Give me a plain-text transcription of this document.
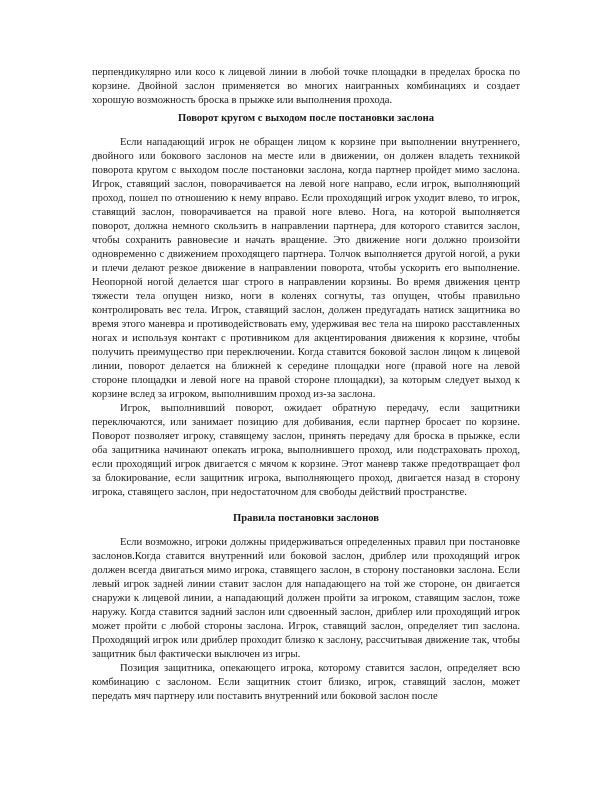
перпендикулярно или косо к лицевой линии в любой точке площадки в пределах броска по корзине. Двойной заслон применяется во многих наигранных комбинациях и создает хорошую возможность броска в прыжке или выполнения прохода.

Поворот кругом с выходом после постановки заслона

Если нападающий игрок не обращен лицом к корзине при выполнении внутреннего, двойного или бокового заслонов на месте или в движении, он должен владеть техникой поворота кругом с выходом после постановки заслона, когда партнер пройдет мимо заслона. Игрок, ставящий заслон, поворачивается на левой ноге направо, если игрок, выполняющий проход, пошел по отношению к нему вправо. Если проходящий игрок уходит влево, то игрок, ставящий заслон, поворачивается на правой ноге влево. Нога, на которой выполняется поворот, должна немного скользить в направлении партнера, для которого ставится заслон, чтобы сохранить равновесие и начать вращение. Это движение ноги должно произойти одновременно с движением проходящего партнера. Толчок выполняется другой ногой, а руки и плечи делают резкое движение в направлении поворота, чтобы ускорить его выполнение. Неопорной ногой делается шаг строго в направлении корзины. Во время движения центр тяжести тела опущен низко, ноги в коленях согнуты, таз опущен, чтобы правильно контролировать вес тела. Игрок, ставящий заслон, должен предугадать натиск защитника во время этого маневра и противодействовать ему, удерживая вес тела на широко расставленных ногах и используя контакт с противником для акцентирования движения к корзине, чтобы получить преимущество при переключении. Когда ставится боковой заслон лицом к лицевой линии, поворот делается на ближней к середине площадки ноге (правой ноге на левой стороне площадки и левой ноге на правой стороне площадки), за которым следует выход к корзине вслед за игроком, выполнившим проход из-за заслона.

Игрок, выполнивший поворот, ожидает обратную передачу, если защитники переключаются, или занимает позицию для добивания, если партнер бросает по корзине. Поворот позволяет игроку, ставящему заслон, принять передачу для броска в прыжке, если оба защитника начинают опекать игрока, выполнившего проход, или подстраховать проход, если проходящий игрок двигается с мячом к корзине. Этот маневр также предотвращает фол за блокирование, если защитник игрока, выполняющего проход, двигается назад в сторону игрока, ставящего заслон, при недостаточном для свободы действий пространстве.

Правила постановки заслонов

Если возможно, игроки должны придерживаться определенных правил при постановке заслонов.Когда ставится внутренний или боковой заслон, дриблер или проходящий игрок должен всегда двигаться мимо игрока, ставящего заслон, в сторону постановки заслона. Если левый игрок задней линии ставит заслон для нападающего на той же стороне, он двигается снаружи к лицевой линии, а нападающий должен пройти за игроком, ставящим заслон, тоже наружу. Когда ставится задний заслон или сдвоенный заслон, дриблер или проходящий игрок может пройти с любой стороны заслона. Игрок, ставящий заслон, определяет тип заслона. Проходящий игрок или дриблер проходит близко к заслону, рассчитывая движение так, чтобы защитник был фактически выключен из игры.

Позиция защитника, опекающего игрока, которому ставится заслон, определяет всю комбинацию с заслоном. Если защитник стоит близко, игрок, ставящий заслон, может передать мяч партнеру или поставить внутренний или боковой заслон после
